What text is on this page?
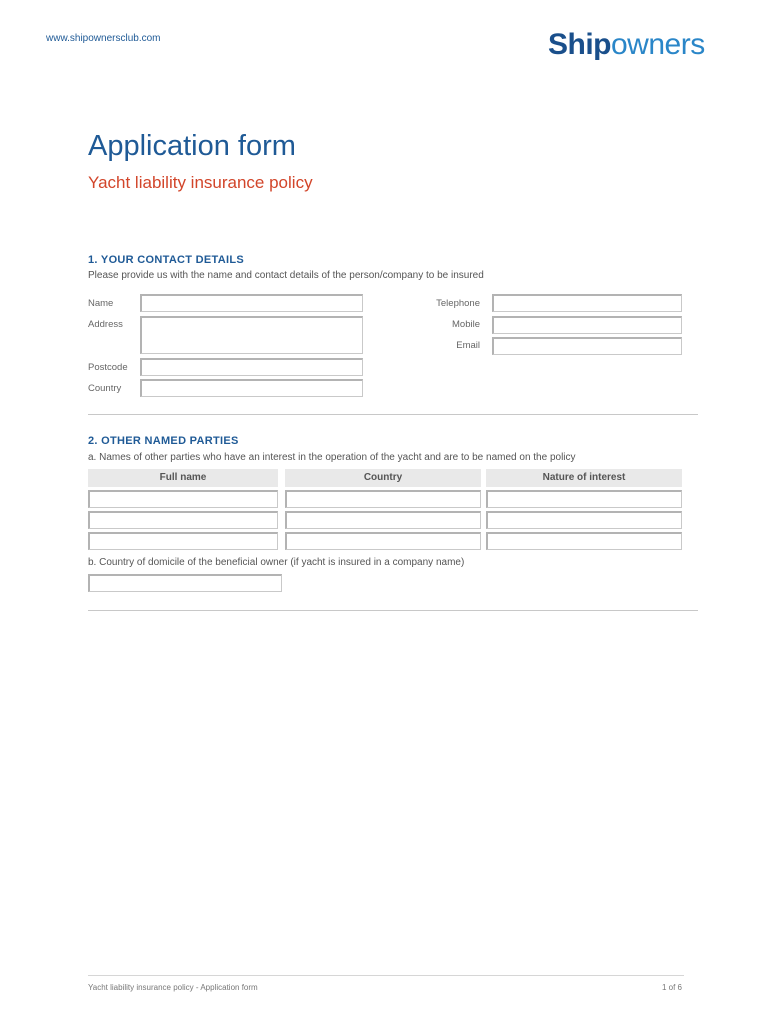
www.shipownersclub.com	Shipowners
Application form
Yacht liability insurance policy
1. YOUR CONTACT DETAILS
Please provide us with the name and contact details of the person/company to be insured
Name
Address
Postcode
Country
Telephone
Mobile
Email
2. OTHER NAMED PARTIES
a. Names of other parties who have an interest in the operation of the yacht and are to be named on the policy
Full name	Country	Nature of interest
b. Country of domicile of the beneficial owner (if yacht is insured in a company name)
Yacht liability insurance policy - Application form	1 of 6
